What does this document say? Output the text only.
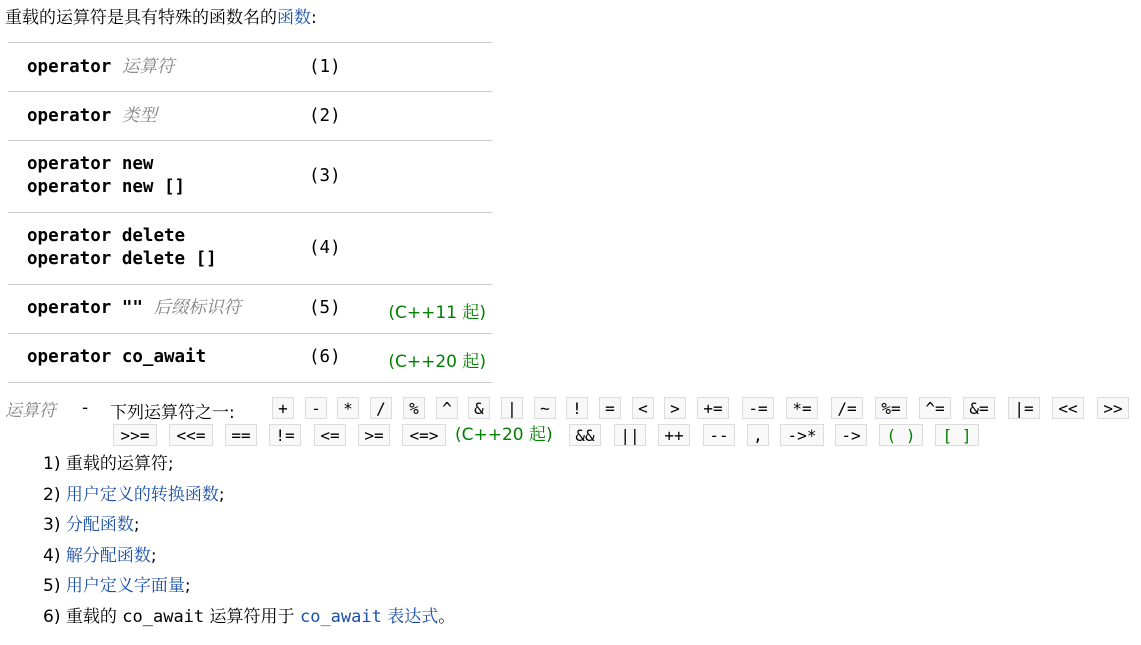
重载的运算符是具有特殊的函数名的函数:
operator 运算符	(1)
operator 类型	(2)
operator new
operator new []
(3)
operator delete
operator delete []
(4)
operator "" 后缀标识符	(5)	(C++11 起)
operator co_await	(6)	(C++20 起)
运算符 - 下列运算符之一:	+	-	*	/	%	^	&	|	~	!	=	<	>	+=	-=	*=	/=	%=	^=	&=	|=	<<	>>
>>=	<<=	==	!=	<=	>=	<=> (C++20 起)	&&	||	++	--	,	->*	->	( )	[ ]
1) 重载的运算符;
2) 用户定义的转换函数;
3) 分配函数;
4) 解分配函数;
5) 用户定义字面量;
6) 重载的 co_await 运算符用于 co_await 表达式。
